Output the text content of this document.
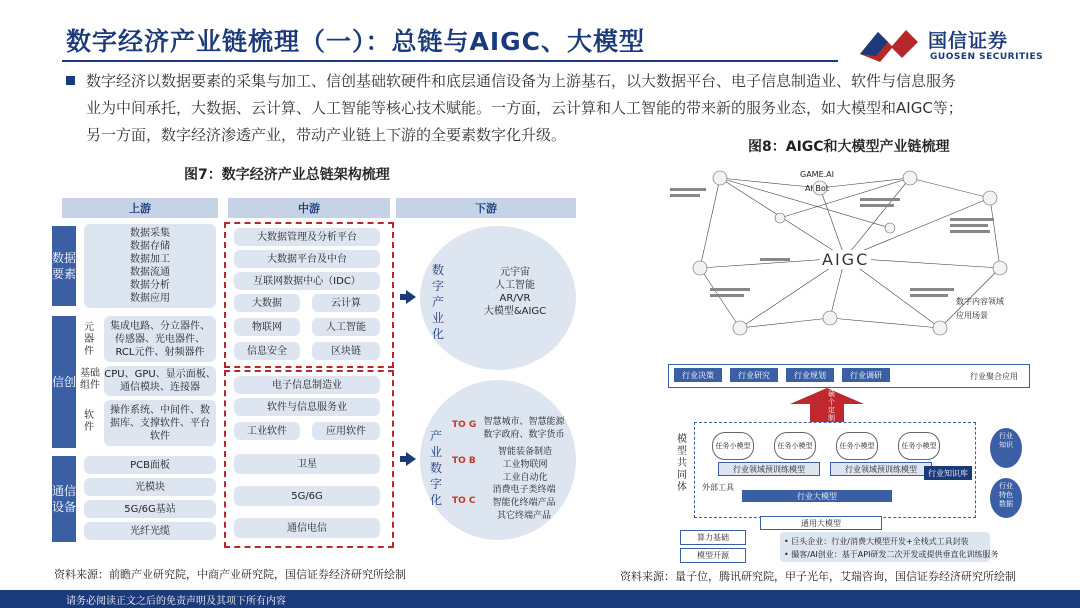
数字经济产业链梳理（一）：总链与AIGC、大模型	国信证券
GUOSEN SECURITIES
数字经济以数据要素的采集与加工、信创基础软硬件和底层通信设备为上游基石，以大数据平台、电子信息制造业、软件与信息服务
业为中间承托，大数据、云计算、人工智能等核心技术赋能。一方面，云计算和人工智能的带来新的服务业态，如大模型和AIGC等；
另一方面，数字经济渗透产业，带动产业链上下游的全要素数字化升级。
图7：数字经济产业总链架构梳理
上游	中游	下游
数据要素
数据采集
数据存储
数据加工
数据流通
数据分析
数据应用
信创
元器件
集成电路、分立器件、
传感器、光电器件、
RCL元件、射频器件
基础组件
CPU、GPU、显示面板、
通信模块、连接器
软件
操作系统、中间件、数
据库、支撑软件、平台
软件
通信设备
PCB面板
光模块
5G/6G基站
光纤光缆
大数据管理及分析平台
大数据平台及中台
互联网数据中心（IDC）
大数据	云计算
物联网	人工智能
信息安全	区块链
电子信息制造业
软件与信息服务业
工业软件	应用软件
卫星
5G/6G
通信电信
数字产业化
元宇宙
人工智能
AR/VR
大模型&AIGC
产业数字化
TO G 智慧城市、智慧能源
数字政府、数字货币
TO B
智能装备制造
工业物联网
工业自动化
TO C
消费电子类终端
智能化终端产品
其它终端产品
资料来源：前瞻产业研究院，中商产业研究院，国信证券经济研究所绘制
图8：AIGC和大模型产业链梳理
AIGC
GAME.AI
AI Bot
数字内容领域
应用场景
行业决策	行业研究	行业规划	行业调研	行业聚合应用
硕个定制化
模型共同体
任务小模型	任务小模型	任务小模型	任务小模型
行业领域预训练模型	行业领域预训练模型
外部工具
行业大模型
行业知识库
通用大模型
行业知识
行业特色数据
算力基础
模型开源
• 巨头企业：行业/消费大模型开发+全栈式工具封装
• 撮客/AI创业：基于API研发二次开发或提供垂直化训练服务
资料来源：量子位，腾讯研究院，甲子光年，艾瑞咨询，国信证券经济研究所绘制
请务必阅读正文之后的免责声明及其项下所有内容
